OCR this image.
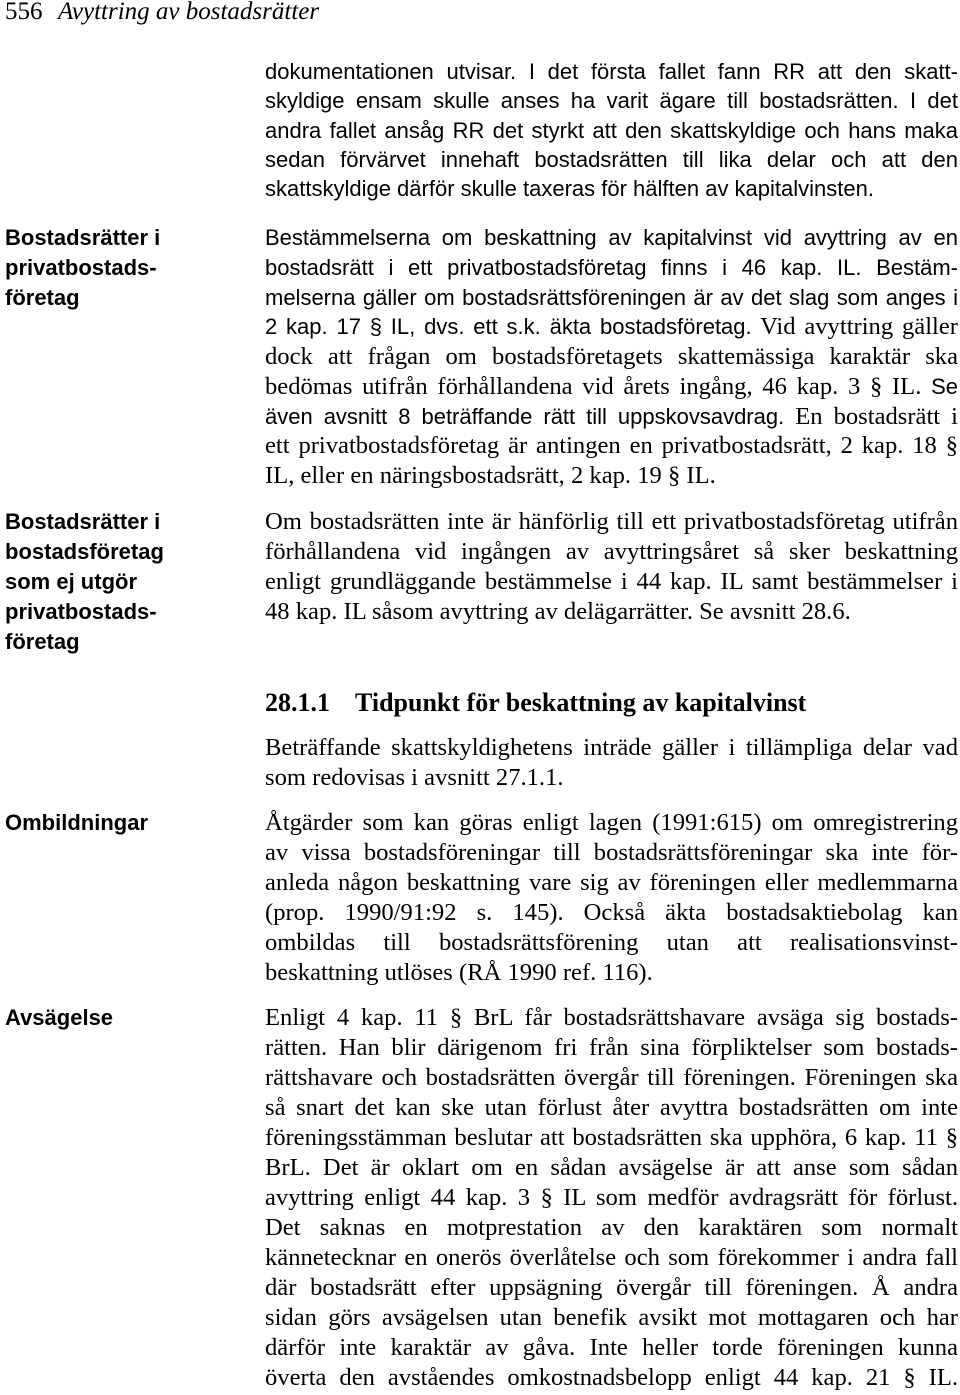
556 Avyttring av bostadsrätter
Bostadsrätter i
privatbostads-
företag
Bostadsrätter i
bostadsföretag
som ej utgör
privatbostads-
företag
Ombildningar
Avsägelse
dokumentationen utvisar. I det första fallet fann RR att den skatt-
skyldige ensam skulle anses ha varit ägare till bostadsrätten. I det
andra fallet ansåg RR det styrkt att den skattskyldige och hans maka
sedan förvärvet innehaft bostadsrätten till lika delar och att den
skattskyldige därför skulle taxeras för hälften av kapitalvinsten.
Bestämmelserna om beskattning av kapitalvinst vid avyttring av en
bostadsrätt i ett privatbostadsföretag finns i 46 kap. IL. Bestäm-
melserna gäller om bostadsrättsföreningen är av det slag som anges i
2 kap. 17 § IL, dvs. ett s.k. äkta bostadsföretag. Vid avyttring gäller
dock att frågan om bostadsföretagets skattemässiga karaktär ska
bedömas utifrån förhållandena vid årets ingång, 46 kap. 3 § IL. Se
även avsnitt 8 beträffande rätt till uppskovsavdrag. En bostadsrätt i
ett privatbostadsföretag är antingen en privatbostadsrätt, 2 kap. 18 §
IL, eller en näringsbostadsrätt, 2 kap. 19 § IL.
Om bostadsrätten inte är hänförlig till ett privatbostadsföretag utifrån
förhållandena vid ingången av avyttringsåret så sker beskattning
enligt grundläggande bestämmelse i 44 kap. IL samt bestämmelser i
48 kap. IL såsom avyttring av delägarrätter. Se avsnitt 28.6.
28.1.1 Tidpunkt för beskattning av kapitalvinst
Beträffande skattskyldighetens inträde gäller i tillämpliga delar vad
som redovisas i avsnitt 27.1.1.
Åtgärder som kan göras enligt lagen (1991:615) om omregistrering
av vissa bostadsföreningar till bostadsrättsföreningar ska inte för-
anleda någon beskattning vare sig av föreningen eller medlemmarna
(prop. 1990/91:92 s. 145). Också äkta bostadsaktiebolag kan
ombildas till bostadsrättsförening utan att realisationsvinst-
beskattning utlöses (RÅ 1990 ref. 116).
Enligt 4 kap. 11 § BrL får bostadsrättshavare avsäga sig bostads-
rätten. Han blir därigenom fri från sina förpliktelser som bostads-
rättshavare och bostadsrätten övergår till föreningen. Föreningen ska
så snart det kan ske utan förlust åter avyttra bostadsrätten om inte
föreningsstämman beslutar att bostadsrätten ska upphöra, 6 kap. 11 §
BrL. Det är oklart om en sådan avsägelse är att anse som sådan
avyttring enligt 44 kap. 3 § IL som medför avdragsrätt för förlust.
Det saknas en motprestation av den karaktären som normalt
kännetecknar en onerös överlåtelse och som förekommer i andra fall
där bostadsrätt efter uppsägning övergår till föreningen. Å andra
sidan görs avsägelsen utan benefik avsikt mot mottagaren och har
därför inte karaktär av gåva. Inte heller torde föreningen kunna
överta den avståendes omkostnadsbelopp enligt 44 kap. 21 § IL.
